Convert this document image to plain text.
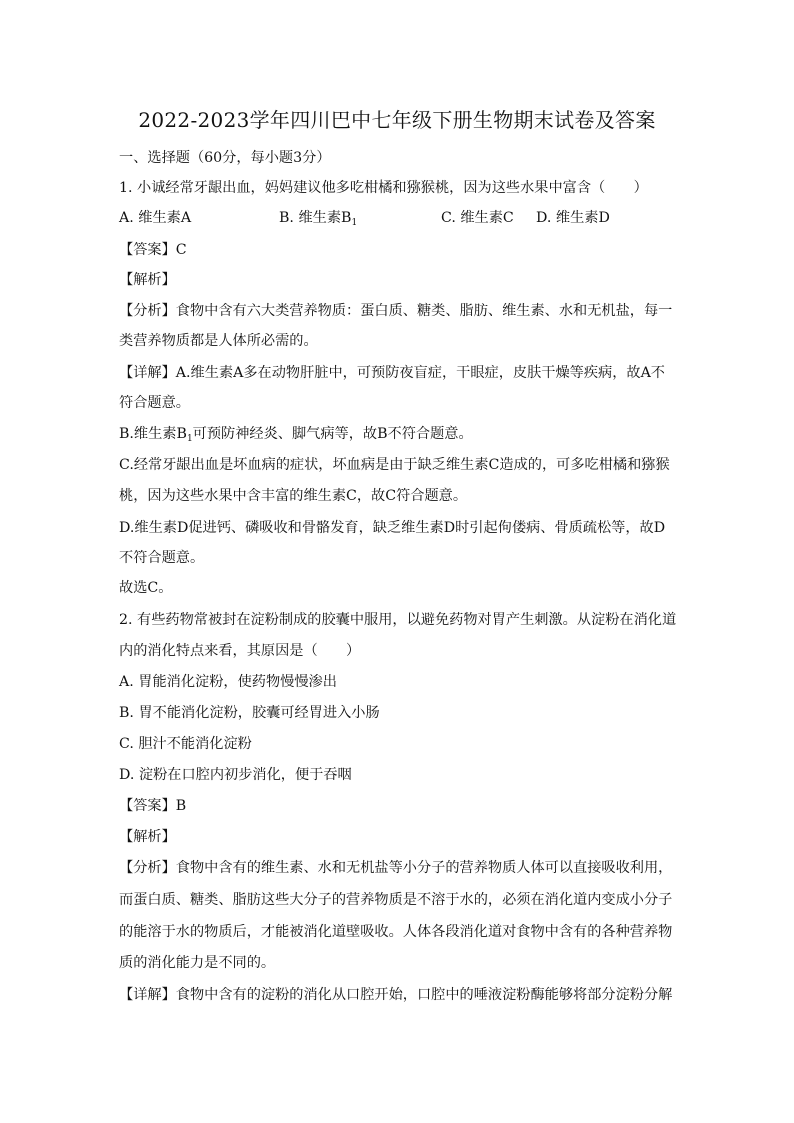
2022-2023学年四川巴中七年级下册生物期末试卷及答案
一、选择题（60分，每小题3分）
1. 小诚经常牙龈出血，妈妈建议他多吃柑橘和猕猴桃，因为这些水果中富含（　　）
A. 维生素A	B. 维生素$B_1$	C. 维生素C D. 维生素D
【答案】C
【解析】
【分析】食物中含有六大类营养物质：蛋白质、糖类、脂肪、维生素、水和无机盐，每一
类营养物质都是人体所必需的。
【详解】A.维生素A多在动物肝脏中，可预防夜盲症，干眼症，皮肤干燥等疾病，故A不
符合题意。
B.维生素$B_1$可预防神经炎、脚气病等，故B不符合题意。
C.经常牙龈出血是坏血病的症状，坏血病是由于缺乏维生素C造成的，可多吃柑橘和猕猴
桃，因为这些水果中含丰富的维生素C，故C符合题意。
D.维生素D促进钙、磷吸收和骨骼发育，缺乏维生素D时引起佝偻病、骨质疏松等，故D
不符合题意。
故选C。
2. 有些药物常被封在淀粉制成的胶囊中服用，以避免药物对胃产生刺激。从淀粉在消化道
内的消化特点来看，其原因是（　　）
A. 胃能消化淀粉，使药物慢慢渗出
B. 胃不能消化淀粉，胶囊可经胃进入小肠
C. 胆汁不能消化淀粉
D. 淀粉在口腔内初步消化，便于吞咽
【答案】B
【解析】
【分析】食物中含有的维生素、水和无机盐等小分子的营养物质人体可以直接吸收利用，
而蛋白质、糖类、脂肪这些大分子的营养物质是不溶于水的，必须在消化道内变成小分子
的能溶于水的物质后，才能被消化道壁吸收。人体各段消化道对食物中含有的各种营养物
质的消化能力是不同的。
【详解】食物中含有的淀粉的消化从口腔开始，口腔中的唾液淀粉酶能够将部分淀粉分解
